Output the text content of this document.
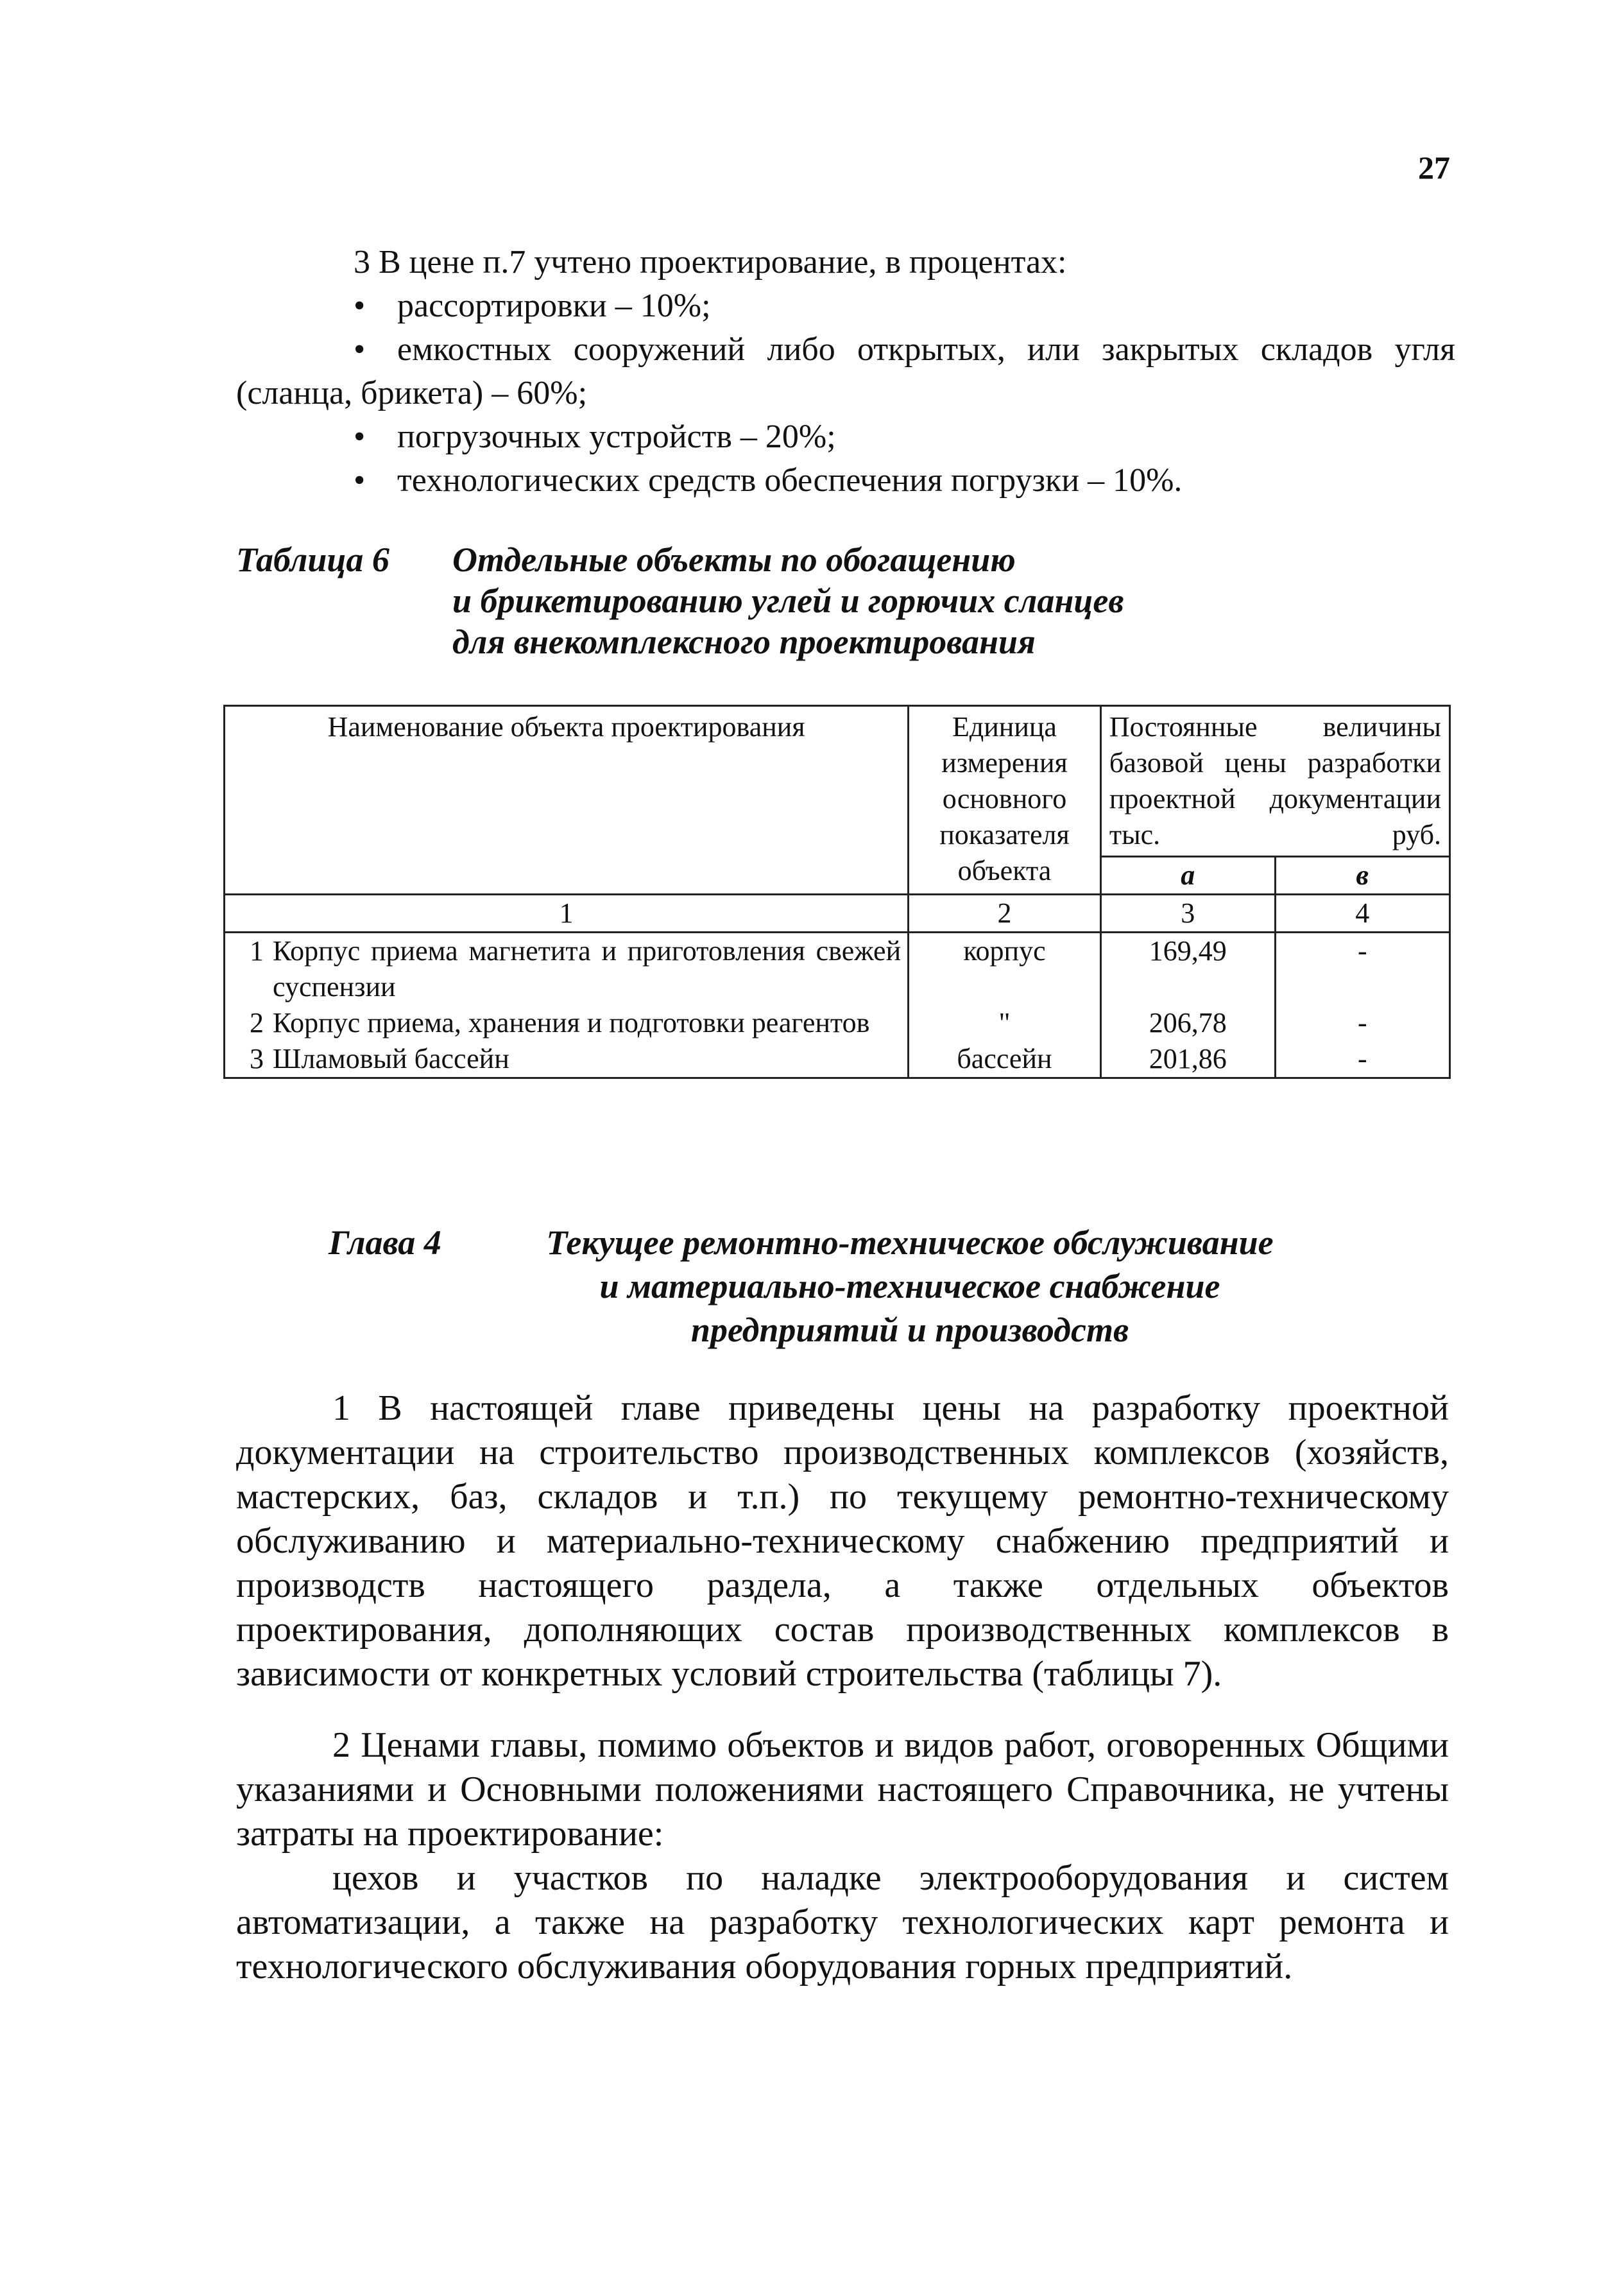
27

3 В цене п.7 учтено проектирование, в процентах:

• рассортировки – 10%;

• емкостных сооружений либо открытых, или закрытых складов угля (сланца, брикета) – 60%;

• погрузочных устройств – 20%;

• технологических средств обеспечения погрузки – 10%.

Таблица 6 Отдельные объекты по обогащению
и брикетированию углей и горючих сланцев
для внекомплексного проектирования
Наименование объекта проектирования	Единица измерения основного показателя объекта	Постоянные величины базовой цены разработки проектной документации тыс. руб.	
		а	в
1	2	3	4

1 Корпус приема магнетита и приготовления свежей суспензии	корпус	169,49	-

2 Корпус приема, хранения и подготовки реагентов	"	206,78	-

3 Шламовый бассейн	бассейн	201,86	-
Глава 4	Текущее ремонтно-техническое обслуживание
и материально-техническое снабжение
предприятий и производств

1 В настоящей главе приведены цены на разработку проектной документации на строительство производственных комплексов (хозяйств, мастерских, баз, складов и т.п.) по текущему ремонтно-техническому обслуживанию и материально-техническому снабжению предприятий и производств настоящего раздела, а также отдельных объектов проектирования, дополняющих состав производственных комплексов в зависимости от конкретных условий строительства (таблицы 7).

2 Ценами главы, помимо объектов и видов работ, оговоренных Общими указаниями и Основными положениями настоящего Справочника, не учтены затраты на проектирование:

цехов и участков по наладке электрооборудования и систем автоматизации, а также на разработку технологических карт ремонта и технологического обслуживания оборудования горных предприятий.
